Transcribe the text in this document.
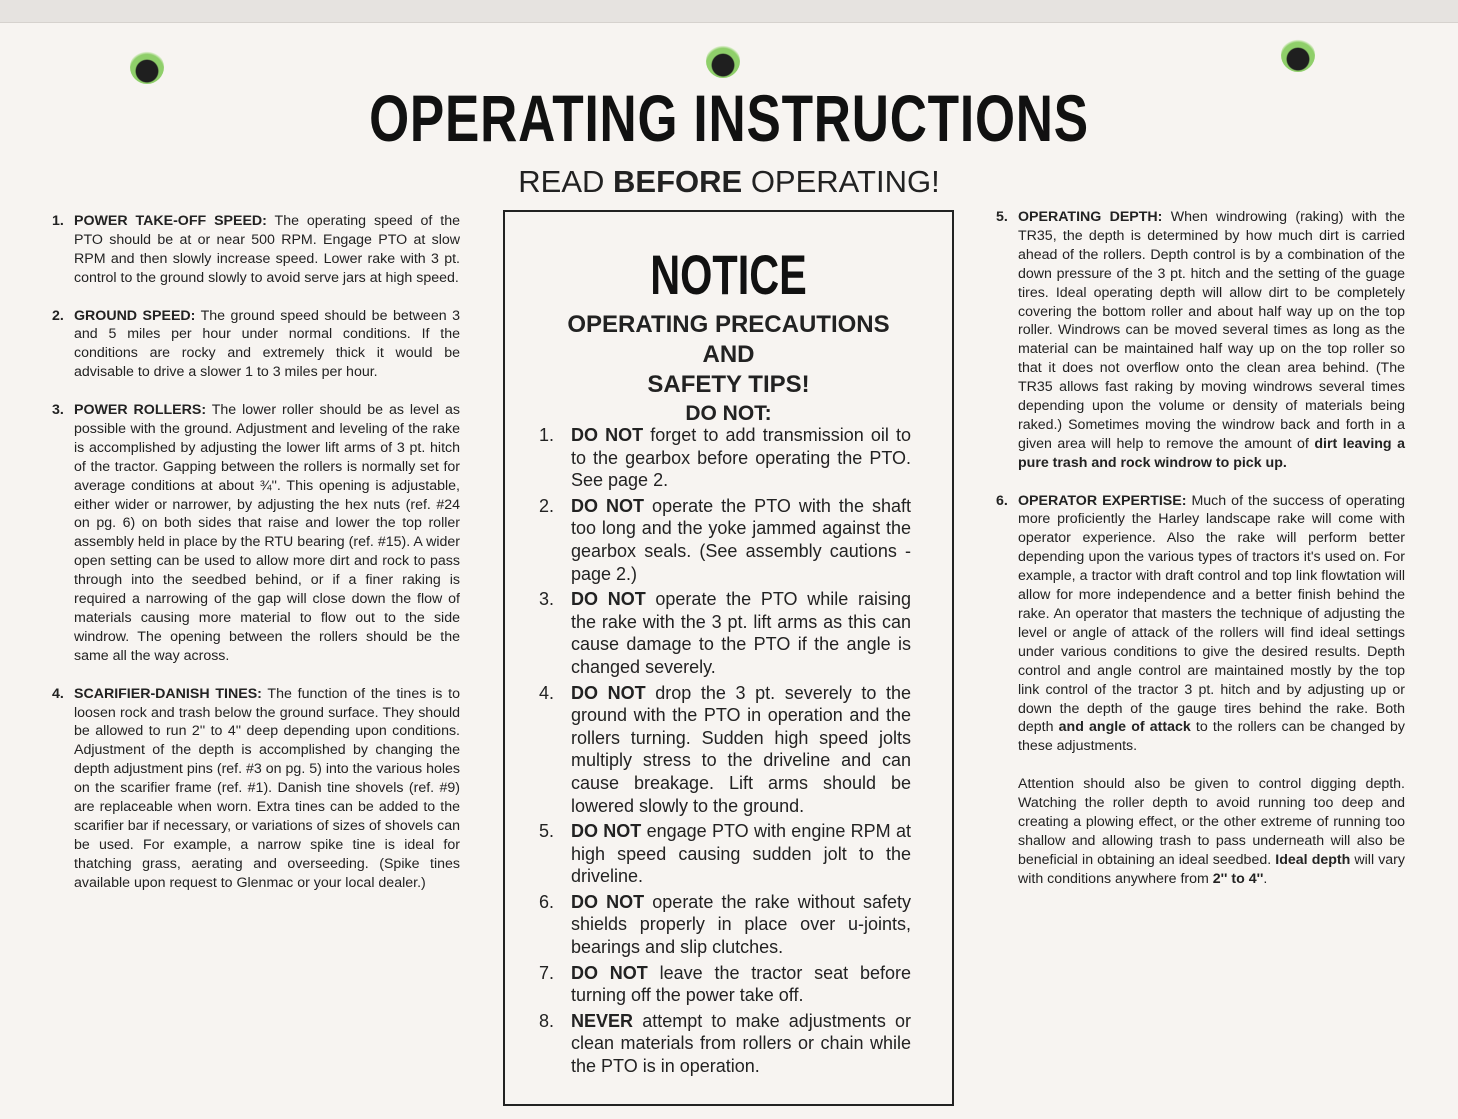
OPERATING INSTRUCTIONS
READ BEFORE OPERATING!
1. POWER TAKE-OFF SPEED: The operating speed of the PTO should be at or near 500 RPM. Engage PTO at slow RPM and then slowly increase speed. Lower rake with 3 pt. control to the ground slowly to avoid serve jars at high speed.
2. GROUND SPEED: The ground speed should be between 3 and 5 miles per hour under normal conditions. If the conditions are rocky and extremely thick it would be advisable to drive a slower 1 to 3 miles per hour.
3. POWER ROLLERS: The lower roller should be as level as possible with the ground. Adjustment and leveling of the rake is accomplished by adjusting the lower lift arms of 3 pt. hitch of the tractor. Gapping between the rollers is normally set for average conditions at about ¾''. This opening is adjustable, either wider or narrower, by adjusting the hex nuts (ref. #24 on pg. 6) on both sides that raise and lower the top roller assembly held in place by the RTU bearing (ref. #15). A wider open setting can be used to allow more dirt and rock to pass through into the seedbed behind, or if a finer raking is required a narrowing of the gap will close down the flow of materials causing more material to flow out to the side windrow. The opening between the rollers should be the same all the way across.
4. SCARIFIER-DANISH TINES: The function of the tines is to loosen rock and trash below the ground surface. They should be allowed to run 2'' to 4'' deep depending upon conditions. Adjustment of the depth is accomplished by changing the depth adjustment pins (ref. #3 on pg. 5) into the various holes on the scarifier frame (ref. #1). Danish tine shovels (ref. #9) are replaceable when worn. Extra tines can be added to the scarifier bar if necessary, or variations of sizes of shovels can be used. For example, a narrow spike tine is ideal for thatching grass, aerating and overseeding. (Spike tines available upon request to Glenmac or your local dealer.)
NOTICE
OPERATING PRECAUTIONS
AND
SAFETY TIPS!
DO NOT:
1. DO NOT forget to add transmission oil to to the gearbox before operating the PTO. See page 2.
2. DO NOT operate the PTO with the shaft too long and the yoke jammed against the gearbox seals. (See assembly cautions - page 2.)
3. DO NOT operate the PTO while raising the rake with the 3 pt. lift arms as this can cause damage to the PTO if the angle is changed severely.
4. DO NOT drop the 3 pt. severely to the ground with the PTO in operation and the rollers turning. Sudden high speed jolts multiply stress to the driveline and can cause breakage. Lift arms should be lowered slowly to the ground.
5. DO NOT engage PTO with engine RPM at high speed causing sudden jolt to the driveline.
6. DO NOT operate the rake without safety shields properly in place over u-joints, bearings and slip clutches.
7. DO NOT leave the tractor seat before turning off the power take off.
8. NEVER attempt to make adjustments or clean materials from rollers or chain while the PTO is in operation.
5. OPERATING DEPTH: When windrowing (raking) with the TR35, the depth is determined by how much dirt is carried ahead of the rollers. Depth control is by a combination of the down pressure of the 3 pt. hitch and the setting of the guage tires. Ideal operating depth will allow dirt to be completely covering the bottom roller and about half way up on the top roller. Windrows can be moved several times as long as the material can be maintained half way up on the top roller so that it does not overflow onto the clean area behind. (The TR35 allows fast raking by moving windrows several times depending upon the volume or density of materials being raked.) Sometimes moving the windrow back and forth in a given area will help to remove the amount of dirt leaving a pure trash and rock windrow to pick up.
6. OPERATOR EXPERTISE: Much of the success of operating more proficiently the Harley landscape rake will come with operator experience. Also the rake will perform better depending upon the various types of tractors it's used on. For example, a tractor with draft control and top link flowtation will allow for more independence and a better finish behind the rake. An operator that masters the technique of adjusting the level or angle of attack of the rollers will find ideal settings under various conditions to give the desired results. Depth control and angle control are maintained mostly by the top link control of the tractor 3 pt. hitch and by adjusting up or down the depth of the gauge tires behind the rake. Both depth and angle of attack to the rollers can be changed by these adjustments.

Attention should also be given to control digging depth. Watching the roller depth to avoid running too deep and creating a plowing effect, or the other extreme of running too shallow and allowing trash to pass underneath will also be beneficial in obtaining an ideal seedbed. Ideal depth will vary with conditions anywhere from 2'' to 4''.
